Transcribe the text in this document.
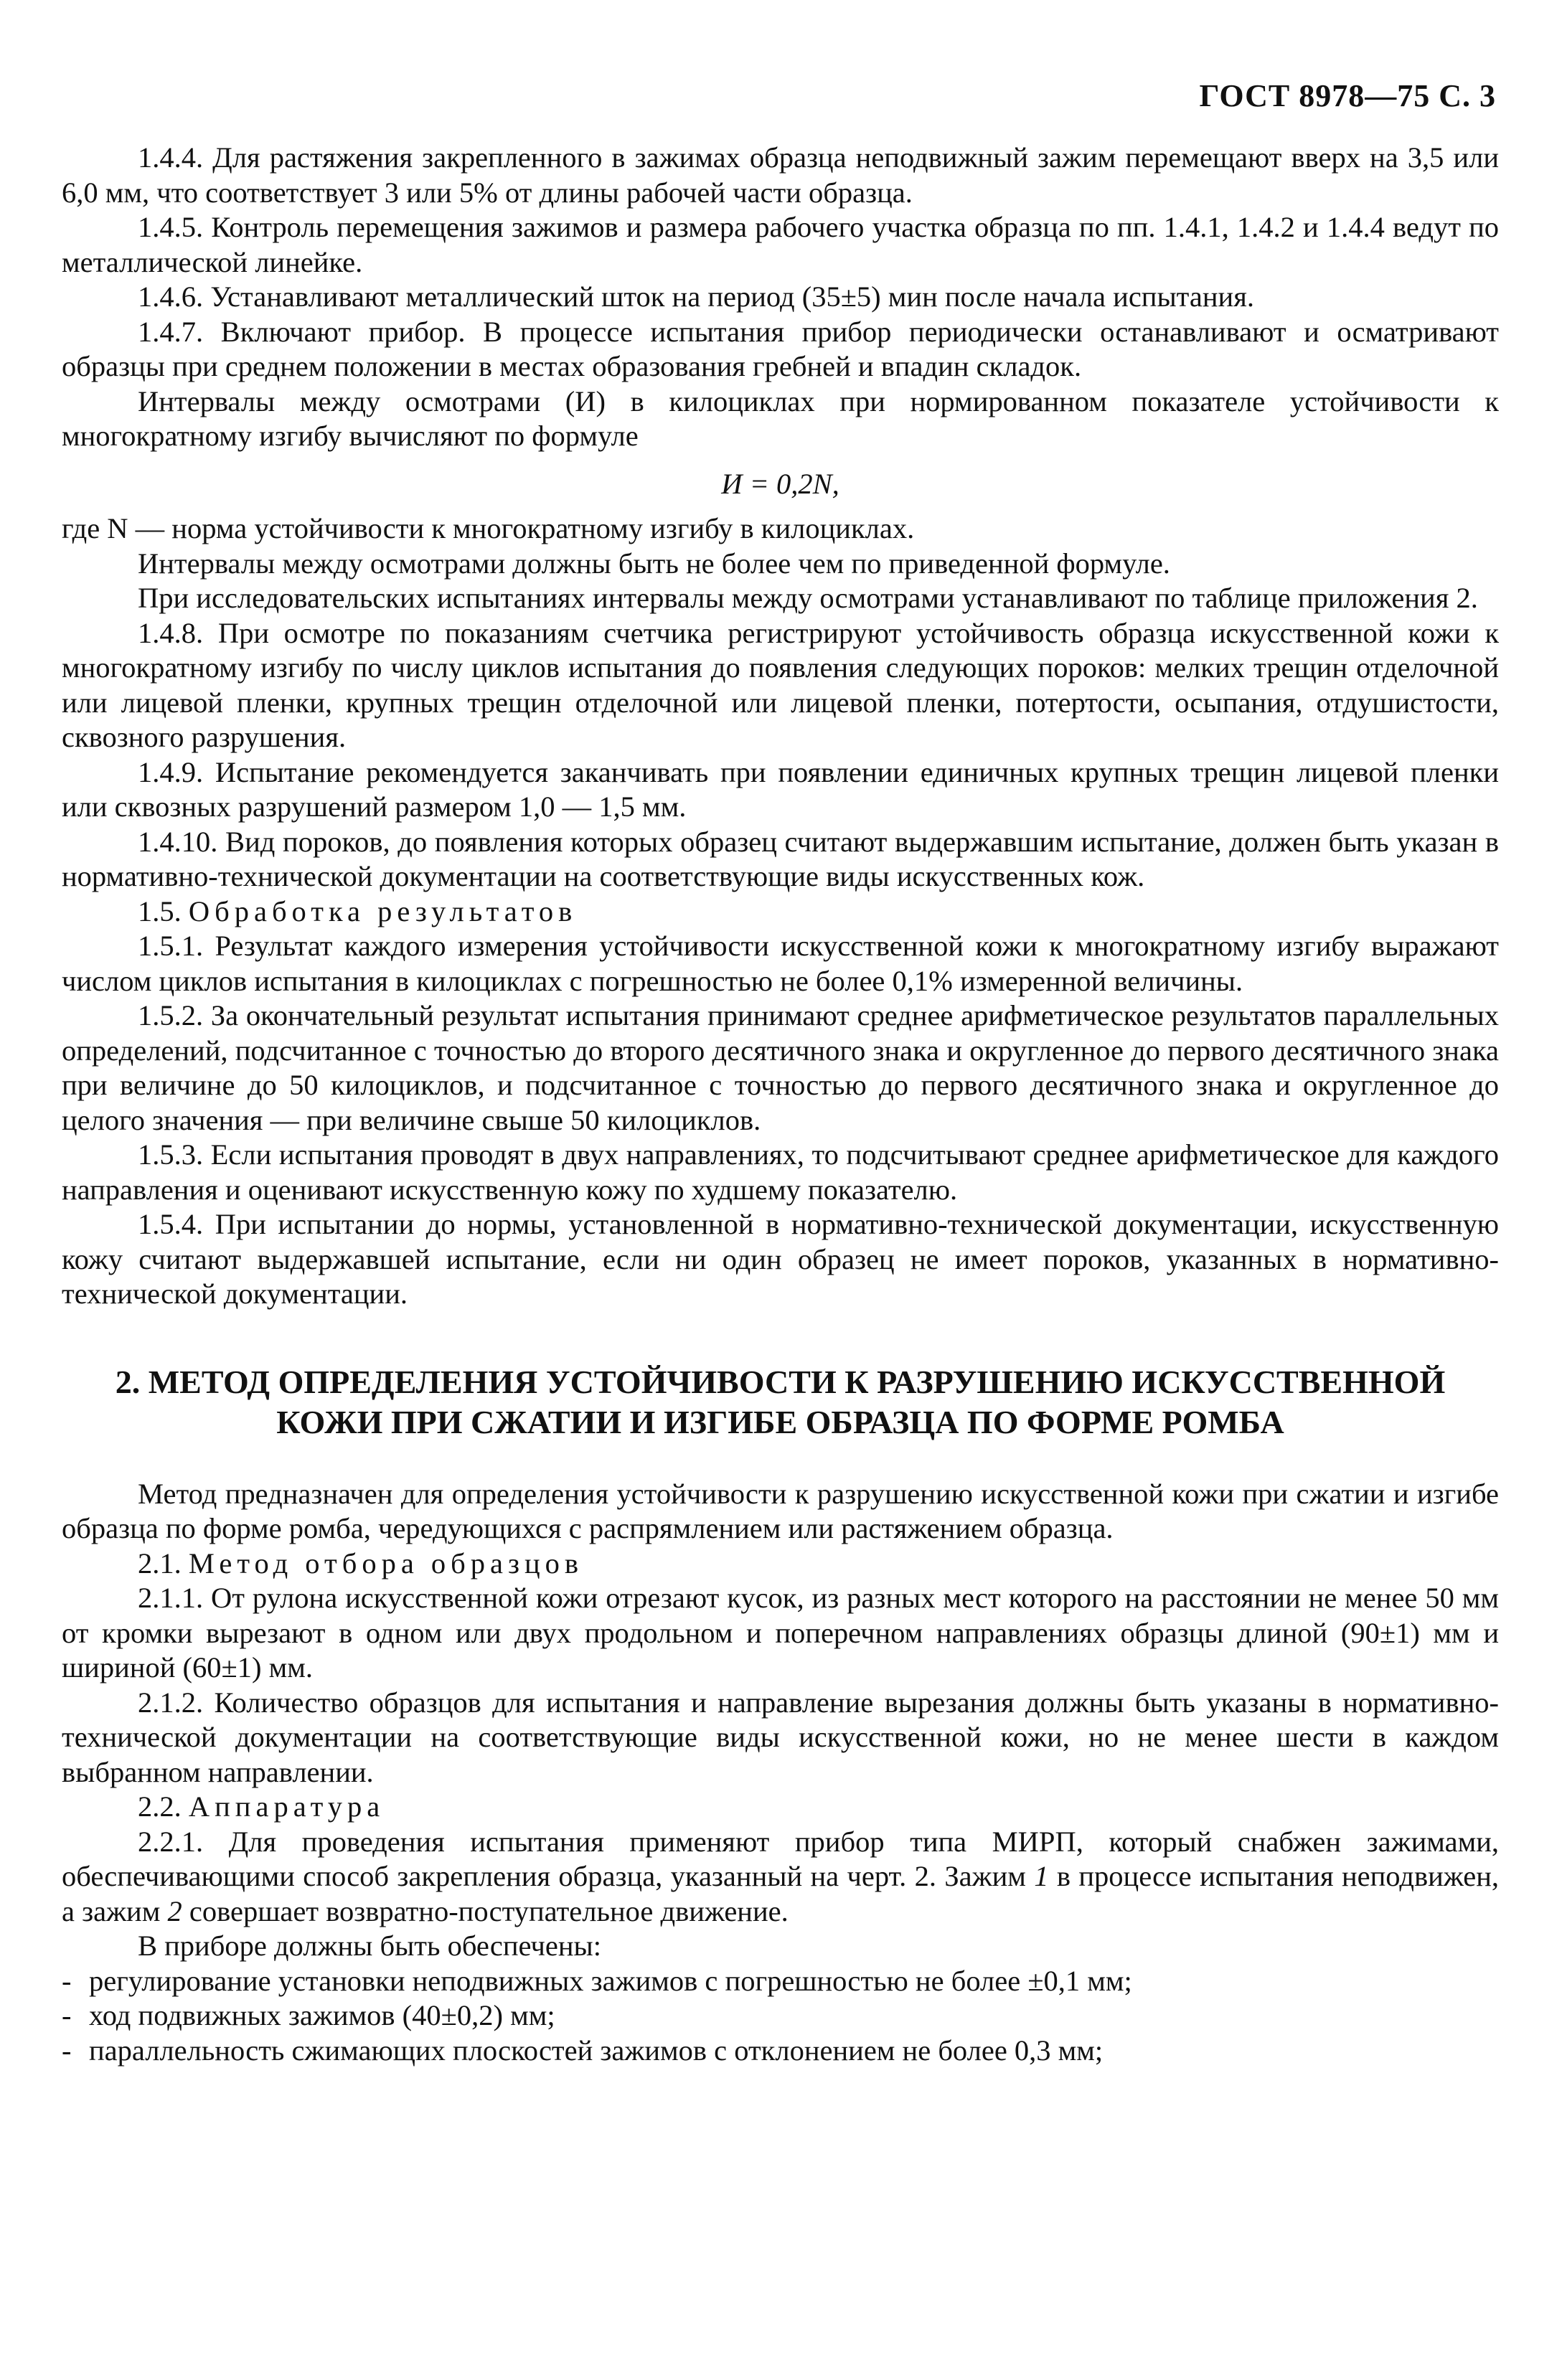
ГОСТ 8978—75 С. 3

1.4.4. Для растяжения закрепленного в зажимах образца неподвижный зажим перемещают вверх на 3,5 или 6,0 мм, что соответствует 3 или 5% от длины рабочей части образца.

1.4.5. Контроль перемещения зажимов и размера рабочего участка образца по пп. 1.4.1, 1.4.2 и 1.4.4 ведут по металлической линейке.

1.4.6. Устанавливают металлический шток на период (35±5) мин после начала испытания.

1.4.7. Включают прибор. В процессе испытания прибор периодически останавливают и осматривают образцы при среднем положении в местах образования гребней и впадин складок.

Интервалы между осмотрами (И) в килоциклах при нормированном показателе устойчивости к многократному изгибу вычисляют по формуле

И = 0,2N,

где N — норма устойчивости к многократному изгибу в килоциклах.

Интервалы между осмотрами должны быть не более чем по приведенной формуле.

При исследовательских испытаниях интервалы между осмотрами устанавливают по таблице приложения 2.

1.4.8. При осмотре по показаниям счетчика регистрируют устойчивость образца искусственной кожи к многократному изгибу по числу циклов испытания до появления следующих пороков: мелких трещин отделочной или лицевой пленки, крупных трещин отделочной или лицевой пленки, потертости, осыпания, отдушистости, сквозного разрушения.

1.4.9. Испытание рекомендуется заканчивать при появлении единичных крупных трещин лицевой пленки или сквозных разрушений размером 1,0 — 1,5 мм.

1.4.10. Вид пороков, до появления которых образец считают выдержавшим испытание, должен быть указан в нормативно-технической документации на соответствующие виды искусственных кож.

1.5. Обработка результатов

1.5.1. Результат каждого измерения устойчивости искусственной кожи к многократному изгибу выражают числом циклов испытания в килоциклах с погрешностью не более 0,1% измеренной величины.

1.5.2. За окончательный результат испытания принимают среднее арифметическое результатов параллельных определений, подсчитанное с точностью до второго десятичного знака и округленное до первого десятичного знака при величине до 50 килоциклов, и подсчитанное с точностью до первого десятичного знака и округленное до целого значения — при величине свыше 50 килоциклов.

1.5.3. Если испытания проводят в двух направлениях, то подсчитывают среднее арифметическое для каждого направления и оценивают искусственную кожу по худшему показателю.

1.5.4. При испытании до нормы, установленной в нормативно-технической документации, искусственную кожу считают выдержавшей испытание, если ни один образец не имеет пороков, указанных в нормативно-технической документации.

2. МЕТОД ОПРЕДЕЛЕНИЯ УСТОЙЧИВОСТИ К РАЗРУШЕНИЮ ИСКУССТВЕННОЙ КОЖИ ПРИ СЖАТИИ И ИЗГИБЕ ОБРАЗЦА ПО ФОРМЕ РОМБА

Метод предназначен для определения устойчивости к разрушению искусственной кожи при сжатии и изгибе образца по форме ромба, чередующихся с распрямлением или растяжением образца.

2.1. Метод отбора образцов

2.1.1. От рулона искусственной кожи отрезают кусок, из разных мест которого на расстоянии не менее 50 мм от кромки вырезают в одном или двух продольном и поперечном направлениях образцы длиной (90±1) мм и шириной (60±1) мм.

2.1.2. Количество образцов для испытания и направление вырезания должны быть указаны в нормативно-технической документации на соответствующие виды искусственной кожи, но не менее шести в каждом выбранном направлении.

2.2. Аппаратура

2.2.1. Для проведения испытания применяют прибор типа МИРП, который снабжен зажимами, обеспечивающими способ закрепления образца, указанный на черт. 2. Зажим 1 в процессе испытания неподвижен, а зажим 2 совершает возвратно-поступательное движение.

В приборе должны быть обеспечены:

- регулирование установки неподвижных зажимов с погрешностью не более ±0,1 мм;

- ход подвижных зажимов (40±0,2) мм;

- параллельность сжимающих плоскостей зажимов с отклонением не более 0,3 мм;
